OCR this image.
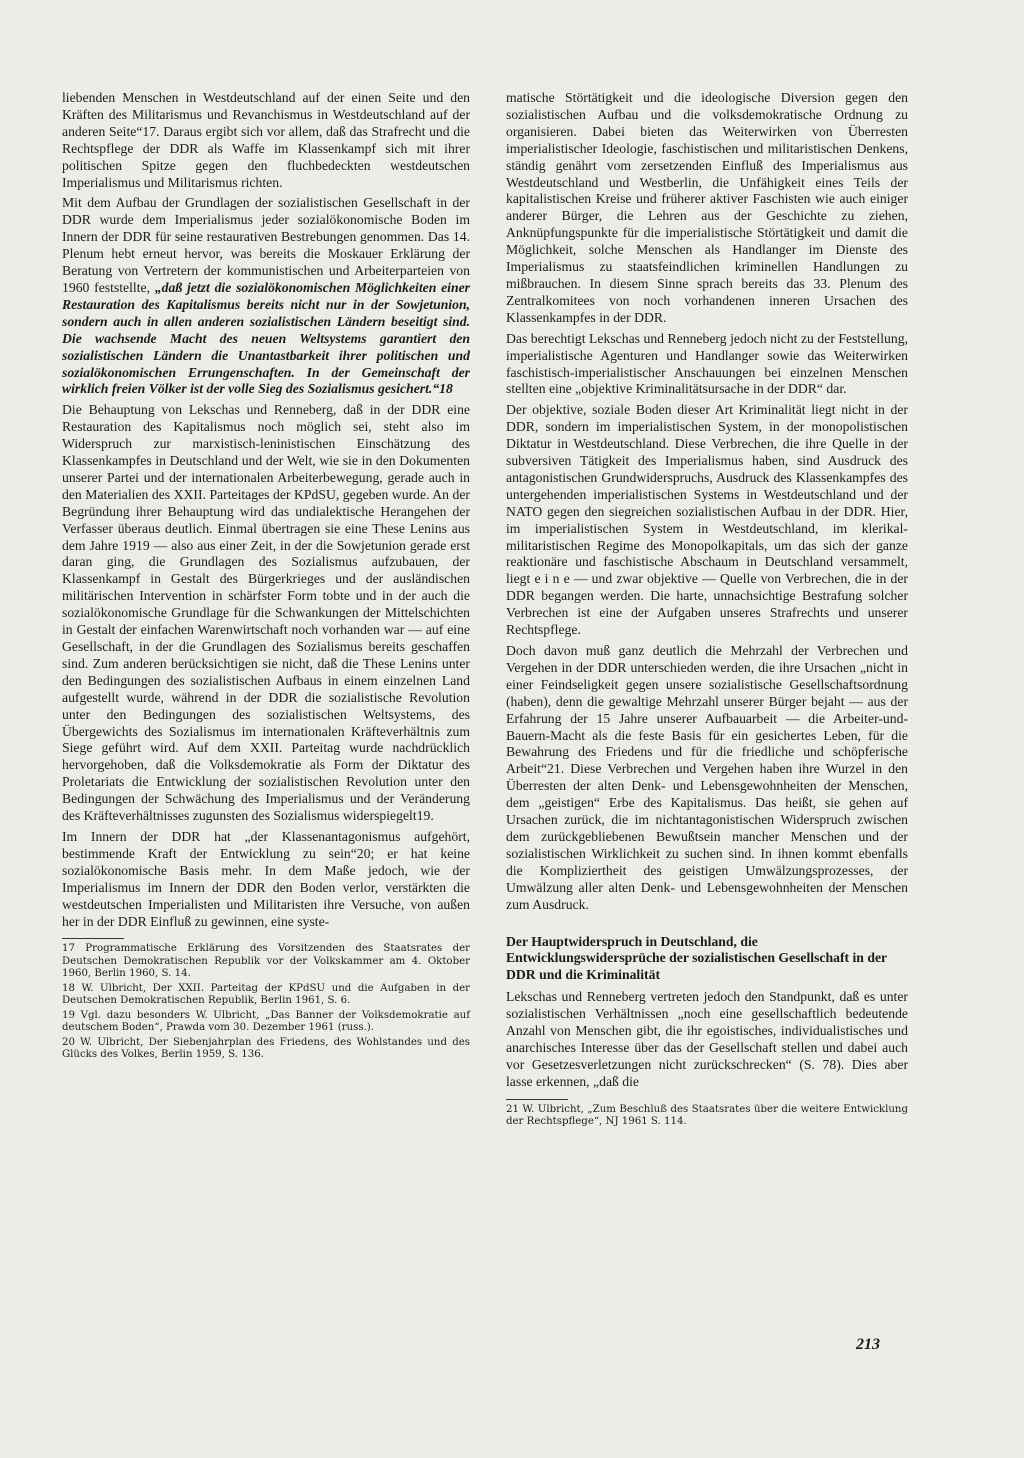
liebenden Menschen in Westdeutschland auf der einen Seite und den Kräften des Militarismus und Revanchismus in Westdeutschland auf der anderen Seite“17. Daraus ergibt sich vor allem, daß das Strafrecht und die Rechtspflege der DDR als Waffe im Klassenkampf sich mit ihrer politischen Spitze gegen den fluchbedeckten westdeutschen Imperialismus und Militarismus richten.

Mit dem Aufbau der Grundlagen der sozialistischen Gesellschaft in der DDR wurde dem Imperialismus jeder sozialökonomische Boden im Innern der DDR für seine restaurativen Bestrebungen genommen. Das 14. Plenum hebt erneut hervor, was bereits die Moskauer Erklärung der Beratung von Vertretern der kommunistischen und Arbeiterparteien von 1960 feststellte, „daß jetzt die sozialökonomischen Möglichkeiten einer Restauration des Kapitalismus bereits nicht nur in der Sowjetunion, sondern auch in allen anderen sozialistischen Ländern beseitigt sind. Die wachsende Macht des neuen Weltsystems garantiert den sozialistischen Ländern die Unantastbarkeit ihrer politischen und sozialökonomischen Errungenschaften. In der Gemeinschaft der wirklich freien Völker ist der volle Sieg des Sozialismus gesichert.“18

Die Behauptung von Lekschas und Renneberg, daß in der DDR eine Restauration des Kapitalismus noch möglich sei, steht also im Widerspruch zur marxistisch-leninistischen Einschätzung des Klassenkampfes in Deutschland und der Welt, wie sie in den Dokumenten unserer Partei und der internationalen Arbeiterbewegung, gerade auch in den Materialien des XXII. Parteitages der KPdSU, gegeben wurde. An der Begründung ihrer Behauptung wird das undialektische Herangehen der Verfasser überaus deutlich. Einmal übertragen sie eine These Lenins aus dem Jahre 1919 — also aus einer Zeit, in der die Sowjetunion gerade erst daran ging, die Grundlagen des Sozialismus aufzubauen, der Klassenkampf in Gestalt des Bürgerkrieges und der ausländischen militärischen Intervention in schärfster Form tobte und in der auch die sozialökonomische Grundlage für die Schwankungen der Mittelschichten in Gestalt der einfachen Warenwirtschaft noch vorhanden war — auf eine Gesellschaft, in der die Grundlagen des Sozialismus bereits geschaffen sind. Zum anderen berücksichtigen sie nicht, daß die These Lenins unter den Bedingungen des sozialistischen Aufbaus in einem einzelnen Land aufgestellt wurde, während in der DDR die sozialistische Revolution unter den Bedingungen des sozialistischen Weltsystems, des Übergewichts des Sozialismus im internationalen Kräfteverhältnis zum Siege geführt wird. Auf dem XXII. Parteitag wurde nachdrücklich hervorgehoben, daß die Volksdemokratie als Form der Diktatur des Proletariats die Entwicklung der sozialistischen Revolution unter den Bedingungen der Schwächung des Imperialismus und der Veränderung des Kräfteverhältnisses zugunsten des Sozialismus widerspiegelt19.

Im Innern der DDR hat „der Klassenantagonismus aufgehört, bestimmende Kraft der Entwicklung zu sein“20; er hat keine sozialökonomische Basis mehr. In dem Maße jedoch, wie der Imperialismus im Innern der DDR den Boden verlor, verstärkten die westdeutschen Imperialisten und Militaristen ihre Versuche, von außen her in der DDR Einfluß zu gewinnen, eine syste-

17 Programmatische Erklärung des Vorsitzenden des Staatsrates der Deutschen Demokratischen Republik vor der Volkskammer am 4. Oktober 1960, Berlin 1960, S. 14.

18 W. Ulbricht, Der XXII. Parteitag der KPdSU und die Aufgaben in der Deutschen Demokratischen Republik, Berlin 1961, S. 6.

19 Vgl. dazu besonders W. Ulbricht, „Das Banner der Volksdemokratie auf deutschem Boden“, Prawda vom 30. Dezember 1961 (russ.).

20 W. Ulbricht, Der Siebenjahrplan des Friedens, des Wohlstandes und des Glücks des Volkes, Berlin 1959, S. 136.

matische Störtätigkeit und die ideologische Diversion gegen den sozialistischen Aufbau und die volksdemokratische Ordnung zu organisieren. Dabei bieten das Weiterwirken von Überresten imperialistischer Ideologie, faschistischen und militaristischen Denkens, ständig genährt vom zersetzenden Einfluß des Imperialismus aus Westdeutschland und Westberlin, die Unfähigkeit eines Teils der kapitalistischen Kreise und früherer aktiver Faschisten wie auch einiger anderer Bürger, die Lehren aus der Geschichte zu ziehen, Anknüpfungspunkte für die imperialistische Störtätigkeit und damit die Möglichkeit, solche Menschen als Handlanger im Dienste des Imperialismus zu staatsfeindlichen kriminellen Handlungen zu mißbrauchen. In diesem Sinne sprach bereits das 33. Plenum des Zentralkomitees von noch vorhandenen inneren Ursachen des Klassenkampfes in der DDR.

Das berechtigt Lekschas und Renneberg jedoch nicht zu der Feststellung, imperialistische Agenturen und Handlanger sowie das Weiterwirken faschistisch-imperialistischer Anschauungen bei einzelnen Menschen stellten eine „objektive Kriminalitätsursache in der DDR“ dar.

Der objektive, soziale Boden dieser Art Kriminalität liegt nicht in der DDR, sondern im imperialistischen System, in der monopolistischen Diktatur in Westdeutschland. Diese Verbrechen, die ihre Quelle in der subversiven Tätigkeit des Imperialismus haben, sind Ausdruck des antagonistischen Grundwiderspruchs, Ausdruck des Klassenkampfes des untergehenden imperialistischen Systems in Westdeutschland und der NATO gegen den siegreichen sozialistischen Aufbau in der DDR. Hier, im imperialistischen System in Westdeutschland, im klerikal-militaristischen Regime des Monopolkapitals, um das sich der ganze reaktionäre und faschistische Abschaum in Deutschland versammelt, liegt e i n e — und zwar objektive — Quelle von Verbrechen, die in der DDR begangen werden. Die harte, unnachsichtige Bestrafung solcher Verbrechen ist eine der Aufgaben unseres Strafrechts und unserer Rechtspflege.

Doch davon muß ganz deutlich die Mehrzahl der Verbrechen und Vergehen in der DDR unterschieden werden, die ihre Ursachen „nicht in einer Feindseligkeit gegen unsere sozialistische Gesellschaftsordnung (haben), denn die gewaltige Mehrzahl unserer Bürger bejaht — aus der Erfahrung der 15 Jahre unserer Aufbauarbeit — die Arbeiter-und-Bauern-Macht als die feste Basis für ein gesichertes Leben, für die Bewahrung des Friedens und für die friedliche und schöpferische Arbeit“21. Diese Verbrechen und Vergehen haben ihre Wurzel in den Überresten der alten Denk- und Lebensgewohnheiten der Menschen, dem „geistigen“ Erbe des Kapitalismus. Das heißt, sie gehen auf Ursachen zurück, die im nichtantagonistischen Widerspruch zwischen dem zurückgebliebenen Bewußtsein mancher Menschen und der sozialistischen Wirklichkeit zu suchen sind. In ihnen kommt ebenfalls die Kompliziertheit des geistigen Umwälzungsprozesses, der Umwälzung aller alten Denk- und Lebensgewohnheiten der Menschen zum Ausdruck.

Der Hauptwiderspruch in Deutschland, die Entwicklungswidersprüche der sozialistischen Gesellschaft in der DDR und die Kriminalität

Lekschas und Renneberg vertreten jedoch den Standpunkt, daß es unter sozialistischen Verhältnissen „noch eine gesellschaftlich bedeutende Anzahl von Menschen gibt, die ihr egoistisches, individualistisches und anarchisches Interesse über das der Gesellschaft stellen und dabei auch vor Gesetzesverletzungen nicht zurückschrecken“ (S. 78). Dies aber lasse erkennen, „daß die

21 W. Ulbricht, „Zum Beschluß des Staatsrates über die weitere Entwicklung der Rechtspflege“, NJ 1961 S. 114.

213
